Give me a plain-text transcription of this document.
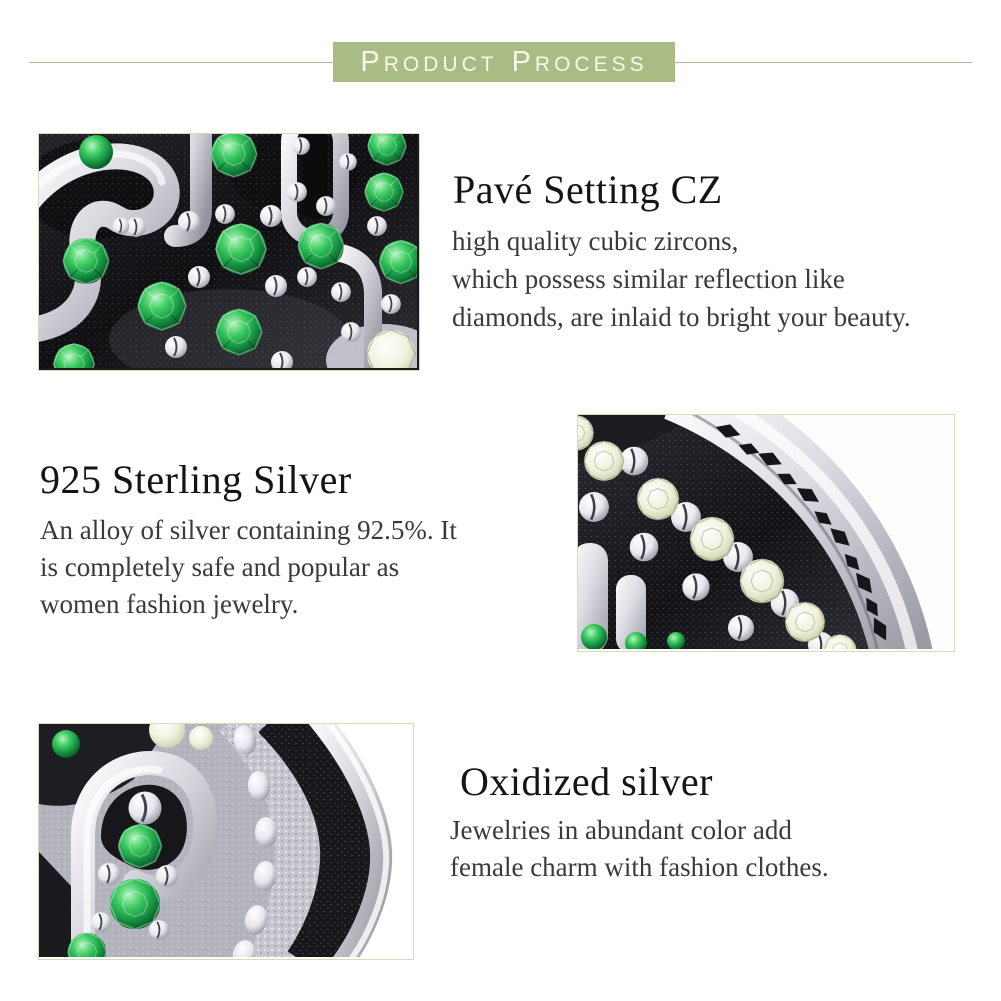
P RODUCT P ROCESS
Pavé Setting CZ
high quality cubic zircons,
which possess similar reflection like
diamonds, are inlaid to bright your beauty.
925 Sterling Silver
An alloy of silver containing 92.5%. It
is completely safe and popular as
women fashion jewelry.
Oxidized silver
Jewelries in abundant color add
female charm with fashion clothes.
